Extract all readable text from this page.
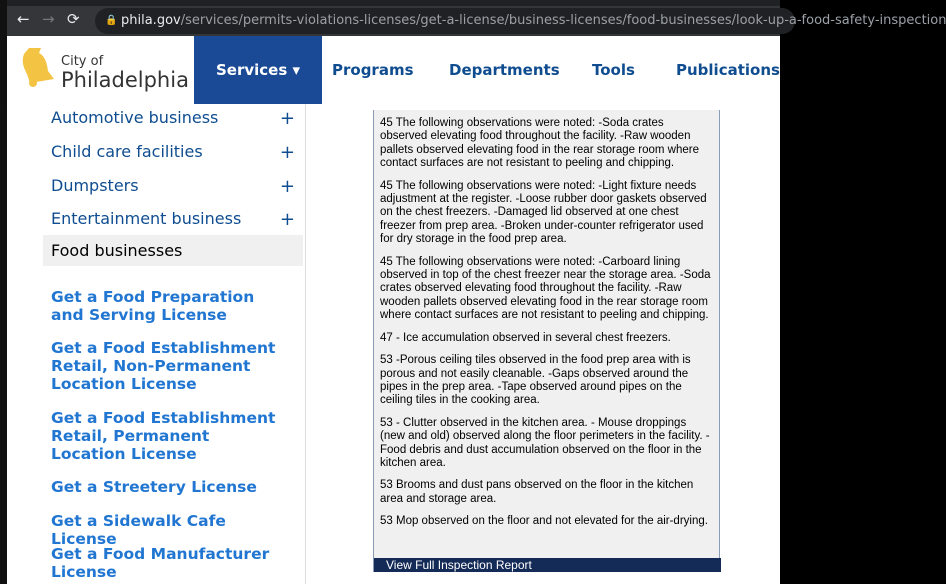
← → ⟳	🔒 phila.gov/services/permits-violations-licenses/get-a-license/business-licenses/food-businesses/look-up-a-food-safety-inspection
City of
Philadelphia	Services ▾	Programs Departments Tools	Publications
Automotive business	+
Child care facilities	+
Dumpsters	+
Entertainment business +
Food businesses
Get a Food Preparation and Serving License
Get a Food Establishment Retail, Non-Permanent Location License
Get a Food Establishment Retail, Permanent Location License
Get a Streetery License
Get a Sidewalk Cafe License
Get a Food Manufacturer License
45 The following observations were noted: -Soda crates observed elevating food throughout the facility. -Raw wooden pallets observed elevating food in the rear storage room where contact surfaces are not resistant to peeling and chipping.
45 The following observations were noted: -Light fixture needs adjustment at the register. -Loose rubber door gaskets observed on the chest freezers. -Damaged lid observed at one chest freezer from prep area. -Broken under-counter refrigerator used for dry storage in the food prep area.
45 The following observations were noted: -Carboard lining observed in top of the chest freezer near the storage area. -Soda crates observed elevating food throughout the facility. -Raw wooden pallets observed elevating food in the rear storage room where contact surfaces are not resistant to peeling and chipping.
47 - Ice accumulation observed in several chest freezers.
53 -Porous ceiling tiles observed in the food prep area with is porous and not easily cleanable. -Gaps observed around the pipes in the prep area. -Tape observed around pipes on the ceiling tiles in the cooking area.
53 - Clutter observed in the kitchen area. - Mouse droppings (new and old) observed along the floor perimeters in the facility. - Food debris and dust accumulation observed on the floor in the kitchen area.
53 Brooms and dust pans observed on the floor in the kitchen area and storage area.
53 Mop observed on the floor and not elevated for the air-drying.
View Full Inspection Report
